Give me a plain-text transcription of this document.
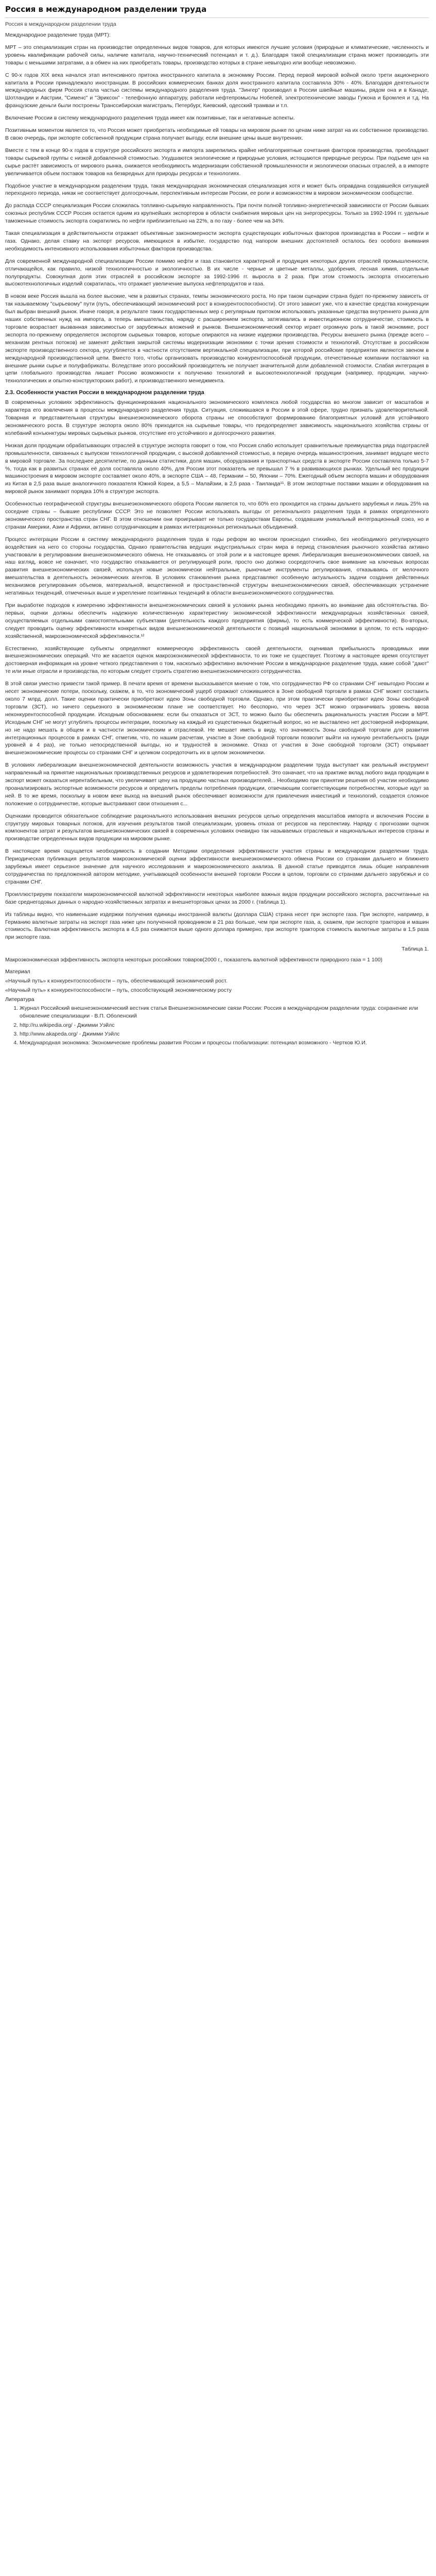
Россия в международном разделении труда
Россия в международном разделении труда

Международное разделение труда (МРТ):

МРТ – это специализация стран на производстве определенных видов товаров, для которых имеются лучшие условия (природные и климатические, численность и уровень квалификации рабочей силы, наличие капитала, научно-технический потенциал и т. д.). Благодаря такой специализации страна может производить эти товары с меньшими затратами, а в обмен на них приобретать товары, производство которых в стране невыгодно или вообще невозможно.

С 90-х годов XIX века начался этап интенсивного притока иностранного капитала в экономику России. Перед первой мировой войной около трети акционерного капитала в России принадлежало иностранцам. В российских коммерческих банках доля иностранного капитала составляла 30% - 40%. Благодаря деятельности международных фирм Россия стала частью системы международного разделения труда. "Зингер" производил в России швейные машины, рядом она и в Канаде, Шотландии и Австрии, "Сименс" и "Эриксон" - телефонную аппаратуру, работали нефтепромыслы Нобелей, электротехнические заводы Гужона и Бромлея и т.д. На французские деньги были построены Транссибирская магистраль, Петербург, Киевский, одесский трамваи и т.п.

Включение России в систему международного разделения труда имеет как позитивные, так и негативные аспекты.

Позитивным моментом является то, что Россия может приобретать необходимые ей товары на мировом рынке по ценам ниже затрат на их собственное производство. В свою очередь, при экспорте собственной продукции страна получает выгоду, если внешние цены выше внутренних.

Вместе с тем в конце 90-х годов в структуре российского экспорта и импорта закрепились крайне неблагоприятные сочетания факторов производства, преобладают товары сырьевой группы с низкой добавленной стоимостью. Ухудшаются экологические и природные условия, истощаются природные ресурсы. При подъеме цен на сырье растёт зависимость от мирового рынка, снижается необходимость модернизации собственной промышленности и экологически опасных отраслей, а в импорте увеличивается объем поставок товаров на безвредных для природы ресурсах и технологиях.

Подобное участие в международном разделении труда, такая международная экономическая специализация хотя и может быть оправдана создавшейся ситуацией переходного периода, никак не соответствует долгосрочным, перспективным интересам России, ее роли и возможностям в мировом экономическом сообществе.

До распада СССР специализация России сложилась топливно-сырьевую направленность. При почти полной топливно-энергетической зависимости от России бывших союзных республик СССР Россия остается одним из крупнейших экспортеров в области снабжения мировых цен на энергоресурсы. Только за 1992-1994 гг. удельные таможенные стоимость экспорта сократились по нефти приблизительно на 22%, а по газу - более чем на 34%.

Такая специализация в действительности отражает объективные закономерности экспорта существующих избыточных факторов производства в России – нефти и газа. Однако, делая ставку на экспорт ресурсов, имеющихся в избытке, государство под напором внешних достоятелей осталось без особого внимания необходимость интенсивного использования избыточных факторов производства.

Для современной международной специализации России помимо нефти и газа становится характерной и продукция некоторых других отраслей промышленности, отличающейся, как правило, низкой технологичностью и экологичностью. В их числе - черные и цветные металлы, удобрения, лесная химия, отдельные полупродукты. Совокупная доля этих отраслей в российском экспорте за 1992-1996 гг. выросла в 2 раза. При этом стоимость экспорта относительно высокотехнологичных изделий сократилась, что отражает увеличение выпуска нефтепродуктов и газа.

В новом веке Россия вышла на более высокие, чем в развитых странах, темпы экономического роста. Но при таком сценарии страна будет по-прежнему зависеть от так называемому "сырьевому" пути (путь, обеспечивающий экономический рост в конкурентоспособности). От этого зависит уже, что в качестве средства конкуренции был выбран внешний рынок. Иначе говоря, в результате таких государственных мер с регулярным притоком использовать указанные средства внутреннего рынка для наших собственных нужд на импорта, а теперь вмешательства, наряду с расширением экспорта, затягивались в инвестиционном сотрудничестве, стоимость в торговле возрастает вызванная зависимостью от зарубежных вложений и рынков. Внешнеэкономический сектор играет огромную роль в такой экономике, рост экспорта по-прежнему определяется экспортом сырьевых товаров, которые опираются на низкие издержки производства. Ресурсы внешнего рынка (прежде всего – механизм рентных потоков) не заменят действия закрытой системы модернизации экономики с точки зрения стоимости и технологий. Отсутствие в российском экспорте производственного сектора, усугубляется в частности отсутствием вертикальной специализации, при которой российские предприятия являются звеном в международной производственной цепи. Вместо того, чтобы организовать производство конкурентоспособной продукции, отечественные компании поставляют на внешние рынки сырье и полуфабрикаты. Вследствие этого российский производитель не получает значительной доли добавленной стоимости. Слабая интеграция в цепи глобального производства лишает Россию возможности к получению технологий и высокотехнологичной продукции (например, продукции, научно-технологических и опытно-конструкторских работ), и производственного менеджмента.

2.3. Особенности участия России в международном разделении труда

В современных условиях эффективность функционирования национального экономического комплекса любой государства во многом зависит от масштабов и характера его вовлечения в процессы международного разделения труда. Ситуация, сложившаяся в России в этой сфере, трудно признать удовлетворительной. Товарная и представительная структуры внешнеэкономического оборота страны не способствуют формированию благоприятных условий для устойчивого экономического роста. В структуре экспорта около 80% приходится на сырьевые товары, что предопределяет зависимость национального хозяйства страны от колебаний конъюнктуры мировых сырьевых рынков, отсутствие его устойчивого и долгосрочного развития.

Низкая доля продукции обрабатывающих отраслей в структуре экспорта говорит о том, что Россия слабо использует сравнительные преимущества ряда подотраслей промышленности, связанных с выпуском технологичной продукции, с высокой добавленной стоимостью, в первую очередь машиностроения, занимает ведущее место в мировой торговле. За последнее десятилетие, по данным статистики, доля машин, оборудования и транспортных средств в экспорте России составляла только 5-7 %, тогда как в развитых странах её доля составляла около 40%, для России этот показатель не превышал 7 % в развивающихся рынках. Удельный вес продукции машиностроения в мировом экспорте составляет около 40%, в экспорте США – 48, Германии – 50, Японии – 70%. Ежегодный объем экспорта машин и оборудования из Китая в 2,5 раза выше аналогичного показателя Южной Кореи, а 5,5 – Малайзии, в 2,5 раза - Таиланда¹¹. В этом экспортные поставки машин и оборудования на мировой рынок занимают порядка 10% в структуре экспорта.

Особенностью географической структуры внешнеэкономического оборота России является то, что 60% его проходится на страны дальнего зарубежья и лишь 25% на соседние страны – бывшие республики СССР. Это не позволяет России использовать выгоды от регионального разделения труда в рамках определенного экономического пространства стран СНГ. В этом отношении они проигрывает не только государствам Европы, создавшим уникальный интеграционный союз, но и странам Америки, Азии и Африки, активно сотрудничающим в рамках интеграционных региональных объединений.

Процесс интеграции России в систему международного разделения труда в годы реформ во многом происходил стихийно, без необходимого регулирующего воздействия на него со стороны государства. Однако правительства ведущих индустриальных стран мира в период становления рыночного хозяйства активно участвовали в регулировании внешнеэкономического обмена. Не отказываясь от этой роли и в настоящее время. Либерализация внешнеэкономических связей, на наш взгляд, вовсе не означает, что государство отказывается от регулирующей роли, просто оно должно сосредоточить свое внимание на ключевых вопросах развития внешнеэкономических связей, используя новые экономически нейтральные, рыночные инструменты регулирования, отказываясь от мелочного вмешательства в деятельность экономических агентов. В условиях становления рынка представляют особенную актуальность задачи создания действенных механизмов регулирования объемов, материальной, вещественной и пространственной структуры внешнеэкономических связей, обеспечивающих устранение негативных тенденций, отмеченных выше и укрепление позитивных тенденций в области внешнеэкономического сотрудничества.

При выработке подходов к измерению эффективности внешнеэкономических связей в условиях рынка необходимо принять во внимание два обстоятельства. Во-первых, оценки должны обеспечить надежную количественную характеристику экономической эффективности международных хозяйственных связей, осуществляемых отдельными самостоятельными субъектами (деятельность каждого предприятия (фирмы), то есть коммерческой эффективности). Во-вторых, следует проводить оценку эффективности конкретных видов внешнеэкономической деятельности с позиций национальной экономики в целом, то есть народно-хозяйственной, макроэкономической эффективности.¹²

Естественно, хозяйствующие субъекты определяют коммерческую эффективность своей деятельности, оценивая прибыльность проводимых ими внешнеэкономических операций. Что же касается оценок макроэкономической эффективности, то их тоже не существует. Поэтому в настоящее время отсутствует достоверная информация на уровне четкого представления о том, насколько эффективно включение России в международное разделение труда, какие собой "дают" те или иные отрасли и производства, по которым следует строить стратегию внешнеэкономического сотрудничества.

В этой связи уместно привести такой пример. В печати время от времени высказывается мнение о том, что сотрудничество РФ со странами СНГ невыгодно России и несет экономические потери, поскольку, скажем, в то, что экономический ущерб отражают сложившиеся в Зоне свободной торговли в рамках СНГ может составить около 7 млрд. долл. Такие оценки практически приобретают идею Зоны свободной торговли. Однако, при этом практически приобретают идею Зоны свободной торговли (ЗСТ), но ничего серьезного в экономическом плане не соответствует. Но бесспорно, что через ЗСТ можно ограничивать уровень ввоза неконкурентоспособной продукции. Исходным обоснованием: если бы отказаться от ЗСТ, то можно было бы обеспечить рациональность участия России в МРТ. Исходным СНГ не могут углублять процессы интеграции, поскольку на каждый из существенных бюджетный вопрос, но не выставлено нет достоверной информации, но не надо мешать в общем и в частности экономическим и отраслевой. Не мешает иметь в виду, что значимость Зоны свободной торговли для развития интеграционных процессов в рамках СНГ, отметим, что, по нашим расчетам, участие в Зоне свободной торговли позволит выйти на нужную рентабельность (ради уровней в 4 раз), не только непосредственной выгоды, но и трудностей в экономике. Отказ от участия в Зоне свободной торговли (ЗСТ) открывает внешнеэкономические процессы со странами СНГ и целиком сосредоточить их в целом экономически.

В условиях либерализации внешнеэкономической деятельности возможность участия в международном разделении труда выступает как реальный инструмент направленный на принятие национальных производственных ресурсов и удовлетворения потребностей. Это означает, что на практике вклад любого вида продукции в экспорт может оказаться нерентабельным, что увеличивает цену на продукцию частных производителей... Необходимо при принятии решения об участии необходимо проанализировать экспортные возможности ресурсов и определить пределы потребления продукции, отвечающим соответствующим потребностям, которые идут за ней. В то же время, поскольку в новом веке выход на внешний рынок обеспечивает возможности для привлечения инвестиций и технологий, создается сложное положение о сотрудничестве, которые выстраивают свои отношения с...

Оценками проводится обязательное соблюдение рационального использования внешних ресурсов целью определения масштабов импорта и включения России в структуру мировых товарных потоков, для изучения результатов такой специализации, уровень отказа от ресурсов на перспективу. Наряду с прогнозами оценок компонентов затрат и результатов внешнеэкономических связей в современных условиях очевидно так называемых отраслевых и национальных интересов страны и производстве определенных видов продукции на мировом рынке.

В настоящее время ощущается необходимость в создании Методики определения эффективности участия страны в международном разделении труда. Периодическая публикация результатов макроэкономической оценки эффективности внешнеэкономического обмена России со странами дальнего и ближнего зарубежья имеет серьезное значение для научного исследования и макроэкономического анализа. В данной статье приводятся лишь общие направления сотрудничества по предложенной автором методике, учитывающей особенности внешней торговли России в целом, торговли со странами дальнего зарубежья и со странами СНГ.

Проиллюстрируем показатели макроэкономической валютной эффективности некоторых наиболее важных видов продукции российского экспорта, рассчитанные на базе среднегодовых данных о народно-хозяйственных затратах и внешнеторговых ценах за 2000 г. (таблица 1).

Из таблицы видно, что наименьшие издержки получения единицы иностранной валюты (доллара США) страна несет при экспорте газа. При экспорте, например, в Германию валютные затраты на экспорт газа ниже цен полученной проводником в 21 раз больше, чем при экспорте газа, а, скажем, при экспорте тракторов и машин стоимость. Валютная эффективность экспорта в 4,5 раз снижается выше одного доллара примерно, при экспорте тракторов стоимость валютные затраты в 1,5 раза при экспорте газа.

Таблица 1.

Макроэкономическая эффективность экспорта некоторых российских товаров(2000 г., показатель валютной эффективности природного газа = 1 100)

Материал
«Научный путь» к конкурентоспособности – путь, обеспечивающий экономический рост.
«Научный путь» к конкурентоспособности – путь, способствующий экономическому росту
Литература
1. Журнал Российский внешнеэкономический вестник статья Внешнеэкономические связи России: Россия в международном разделении труда: сохранение или обновление специализации - В.П. Оболенский
2. http://ru.wikipedia.org/ - Джимми Уэйлс
3. http://www.akapeda.org/ - Джимми Уэйлс
4. Международная экономика: Экономические проблемы развития России и процессы глобализации: потенциал возможного - Чертков Ю.И.
